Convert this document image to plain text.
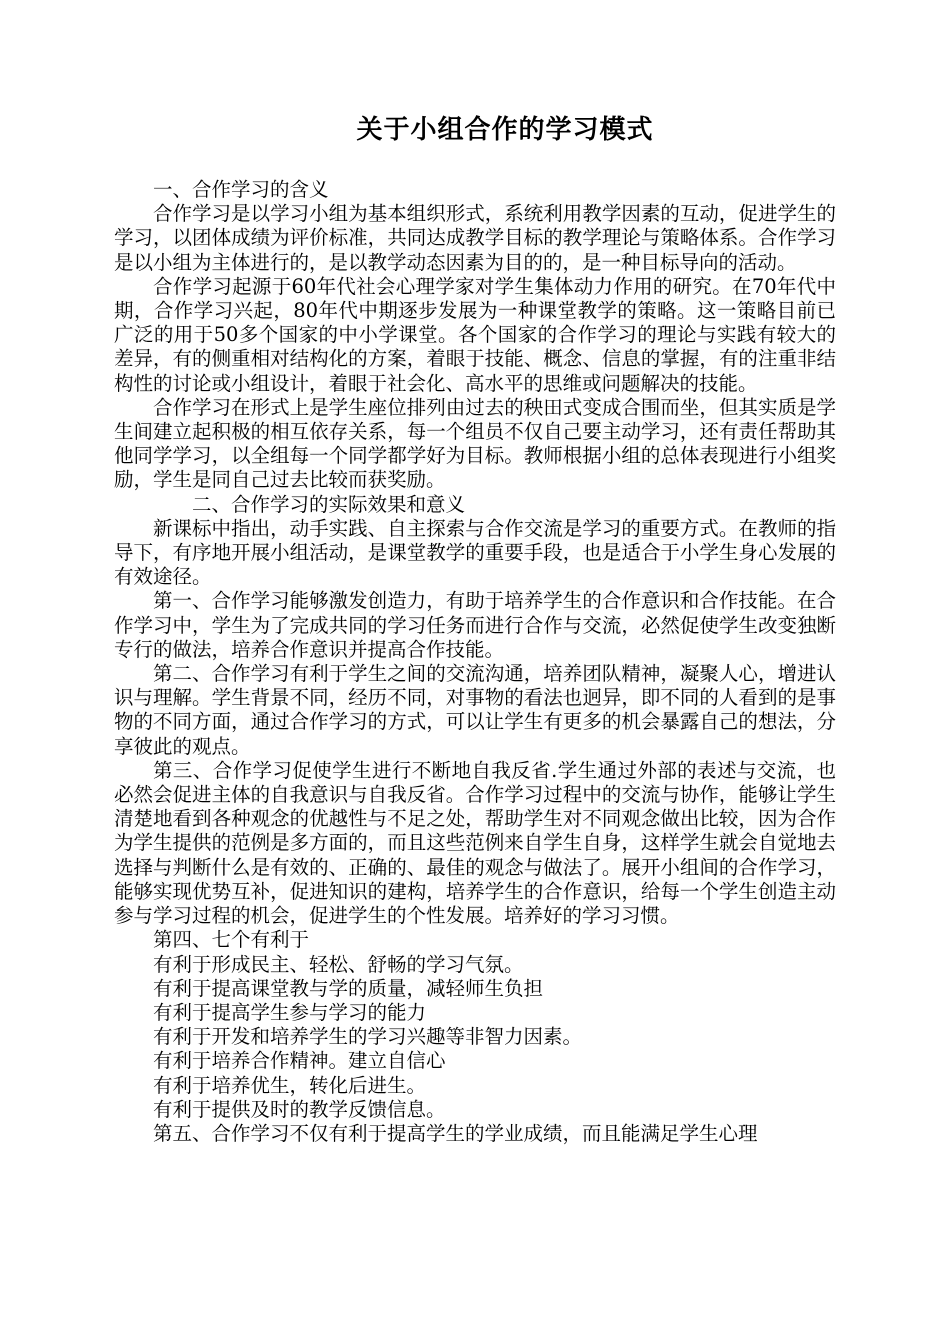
关于小组合作的学习模式

一、合作学习的含义

合作学习是以学习小组为基本组织形式，系统利用教学因素的互动，促进学生的学习，以团体成绩为评价标准，共同达成教学目标的教学理论与策略体系。合作学习是以小组为主体进行的，是以教学动态因素为目的的，是一种目标导向的活动。

合作学习起源于60年代社会心理学家对学生集体动力作用的研究。在70年代中期，合作学习兴起，80年代中期逐步发展为一种课堂教学的策略。这一策略目前已广泛的用于50多个国家的中小学课堂。各个国家的合作学习的理论与实践有较大的差异，有的侧重相对结构化的方案，着眼于技能、概念、信息的掌握，有的注重非结构性的讨论或小组设计，着眼于社会化、高水平的思维或问题解决的技能。

合作学习在形式上是学生座位排列由过去的秧田式变成合围而坐，但其实质是学生间建立起积极的相互依存关系，每一个组员不仅自己要主动学习，还有责任帮助其他同学学习，以全组每一个同学都学好为目标。教师根据小组的总体表现进行小组奖励，学生是同自己过去比较而获奖励。

二、合作学习的实际效果和意义

新课标中指出，动手实践、自主探索与合作交流是学习的重要方式。在教师的指导下，有序地开展小组活动，是课堂教学的重要手段，也是适合于小学生身心发展的有效途径。

第一、合作学习能够激发创造力，有助于培养学生的合作意识和合作技能。在合作学习中，学生为了完成共同的学习任务而进行合作与交流，必然促使学生改变独断专行的做法，培养合作意识并提高合作技能。

第二、合作学习有利于学生之间的交流沟通，培养团队精神，凝聚人心，增进认识与理解。学生背景不同，经历不同，对事物的看法也迥异，即不同的人看到的是事物的不同方面，通过合作学习的方式，可以让学生有更多的机会暴露自己的想法，分享彼此的观点。

第三、合作学习促使学生进行不断地自我反省.学生通过外部的表述与交流，也必然会促进主体的自我意识与自我反省。合作学习过程中的交流与协作，能够让学生清楚地看到各种观念的优越性与不足之处，帮助学生对不同观念做出比较，因为合作为学生提供的范例是多方面的，而且这些范例来自学生自身，这样学生就会自觉地去选择与判断什么是有效的、正确的、最佳的观念与做法了。展开小组间的合作学习，能够实现优势互补，促进知识的建构，培养学生的合作意识，给每一个学生创造主动参与学习过程的机会，促进学生的个性发展。培养好的学习习惯。

第四、七个有利于

有利于形成民主、轻松、舒畅的学习气氛。

有利于提高课堂教与学的质量，减轻师生负担

有利于提高学生参与学习的能力

有利于开发和培养学生的学习兴趣等非智力因素。

有利于培养合作精神。建立自信心

有利于培养优生，转化后进生。

有利于提供及时的教学反馈信息。

第五、合作学习不仅有利于提高学生的学业成绩，而且能满足学生心理
